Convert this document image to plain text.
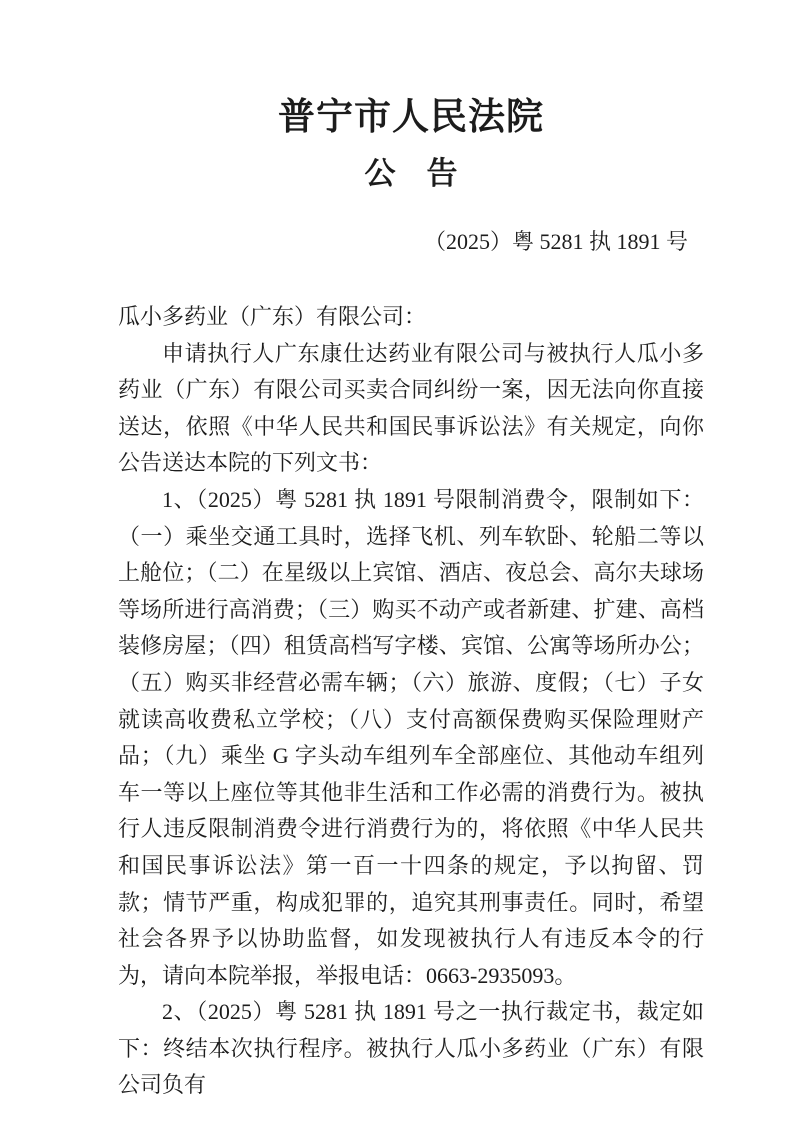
普宁市人民法院
公　告
（2025）粤 5281 执 1891 号

瓜小多药业（广东）有限公司：

申请执行人广东康仕达药业有限公司与被执行人瓜小多药业（广东）有限公司买卖合同纠纷一案，因无法向你直接送达，依照《中华人民共和国民事诉讼法》有关规定，向你公告送达本院的下列文书：

1、（2025）粤 5281 执 1891 号限制消费令，限制如下：（一）乘坐交通工具时，选择飞机、列车软卧、轮船二等以上舱位；（二）在星级以上宾馆、酒店、夜总会、高尔夫球场等场所进行高消费；（三）购买不动产或者新建、扩建、高档装修房屋；（四）租赁高档写字楼、宾馆、公寓等场所办公；（五）购买非经营必需车辆；（六）旅游、度假；（七）子女就读高收费私立学校；（八）支付高额保费购买保险理财产品；（九）乘坐 G 字头动车组列车全部座位、其他动车组列车一等以上座位等其他非生活和工作必需的消费行为。被执行人违反限制消费令进行消费行为的，将依照《中华人民共和国民事诉讼法》第一百一十四条的规定，予以拘留、罚款；情节严重，构成犯罪的，追究其刑事责任。同时，希望社会各界予以协助监督，如发现被执行人有违反本令的行为，请向本院举报，举报电话：0663-2935093。

2、（2025）粤 5281 执 1891 号之一执行裁定书，裁定如下：终结本次执行程序。被执行人瓜小多药业（广东）有限公司负有
